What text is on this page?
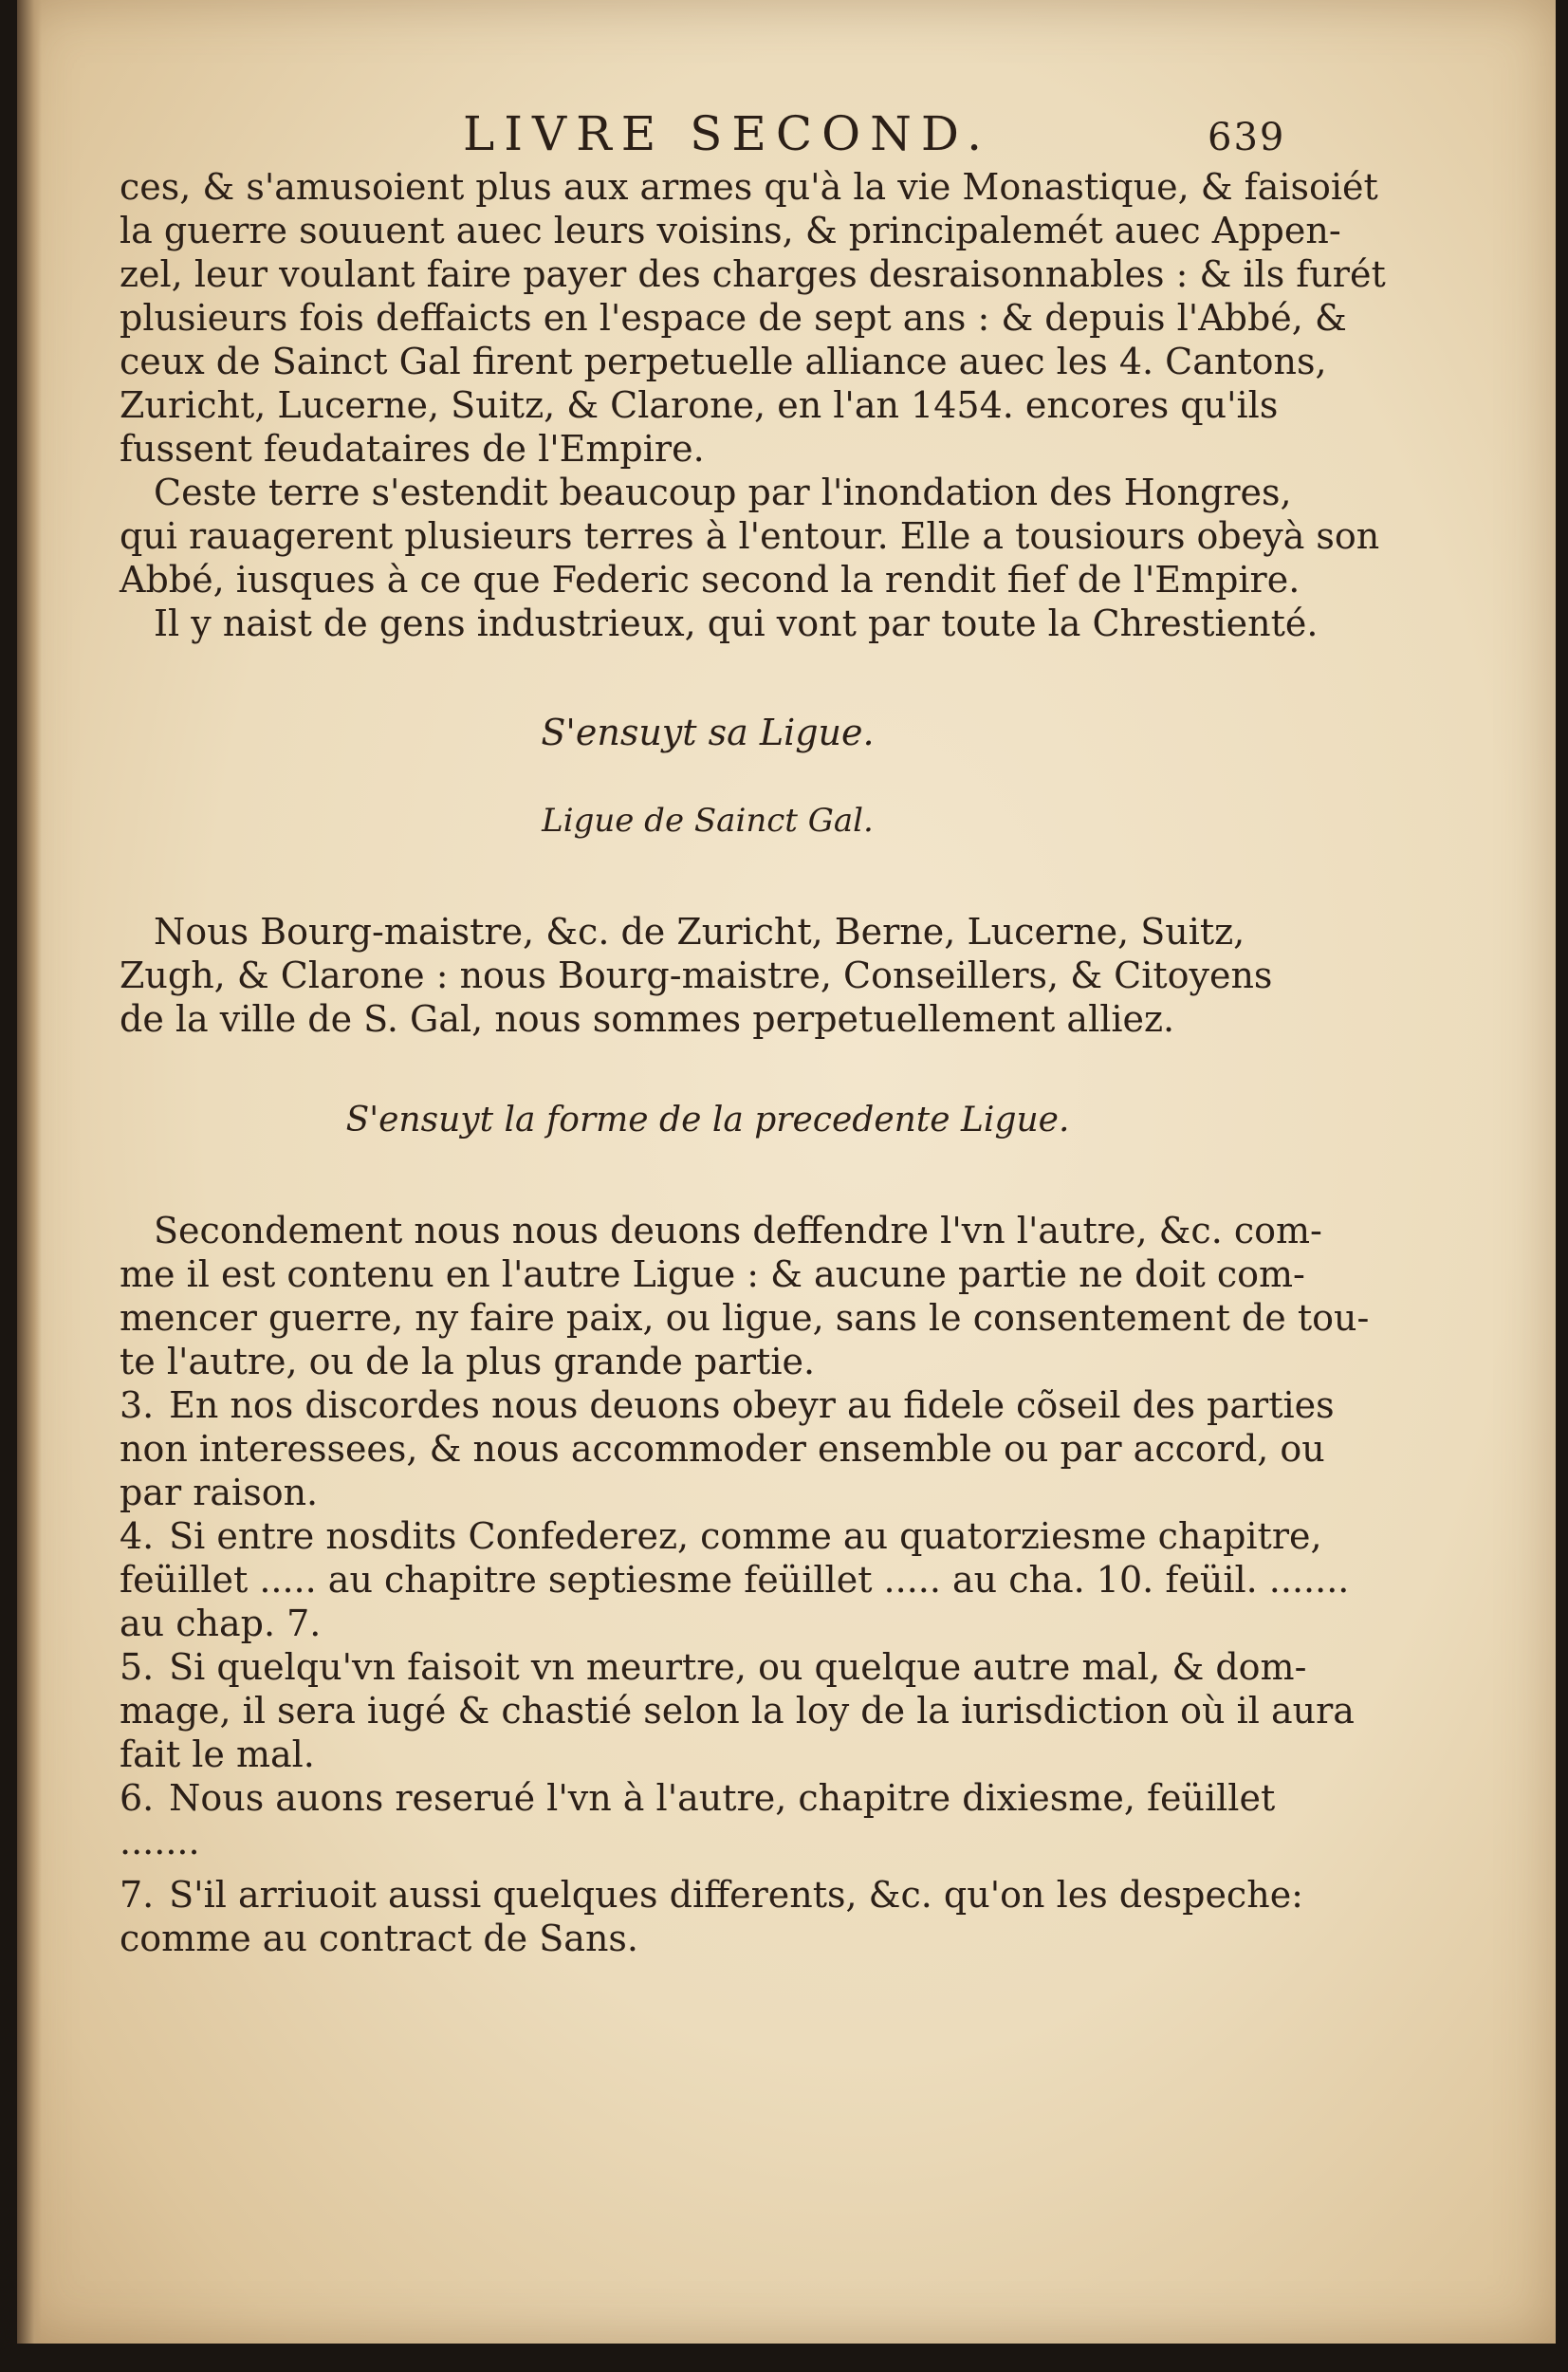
LIVRE SECOND.	639
ces, & s'amusoient plus aux armes qu'à la vie Monastique, & faisoiét
la guerre souuent auec leurs voisins, & principalemét auec Appen-
zel, leur voulant faire payer des charges desraisonnables : & ils furét
plusieurs fois deffaicts en l'espace de sept ans : & depuis l'Abbé, &
ceux de Sainct Gal firent perpetuelle alliance auec les 4. Cantons,
Zuricht, Lucerne, Suitz, & Clarone, en l'an 1454. encores qu'ils
fussent feudataires de l'Empire.
Ceste terre s'estendit beaucoup par l'inondation des Hongres,
qui rauagerent plusieurs terres à l'entour. Elle a tousiours obeyà son
Abbé, iusques à ce que Federic second la rendit fief de l'Empire.
Il y naist de gens industrieux, qui vont par toute la Chrestienté.
S'ensuyt sa Ligue.
Ligue de Sainct Gal.
Nous Bourg-maistre, &c. de Zuricht, Berne, Lucerne, Suitz,
Zugh, & Clarone : nous Bourg-maistre, Conseillers, & Citoyens
de la ville de S. Gal, nous sommes perpetuellement alliez.
S'ensuyt la forme de la precedente Ligue.
Secondement nous nous deuons deffendre l'vn l'autre, &c. com-
me il est contenu en l'autre Ligue : & aucune partie ne doit com-
mencer guerre, ny faire paix, ou ligue, sans le consentement de tou-
te l'autre, ou de la plus grande partie.
3. En nos discordes nous deuons obeyr au fidele cõseil des parties
non interessees, & nous accommoder ensemble ou par accord, ou
par raison.
4. Si entre nosdits Confederez, comme au quatorziesme chapitre,
feüillet ..... au chapitre septiesme feüillet ..... au cha. 10. feüil. .......
au chap. 7.
5. Si quelqu'vn faisoit vn meurtre, ou quelque autre mal, & dom-
mage, il sera iugé & chastié selon la loy de la iurisdiction où il aura
fait le mal.
6. Nous auons reserué l'vn à l'autre, chapitre dixiesme, feüillet
.......
7. S'il arriuoit aussi quelques differents, &c. qu'on les despeche:
comme au contract de Sans.
